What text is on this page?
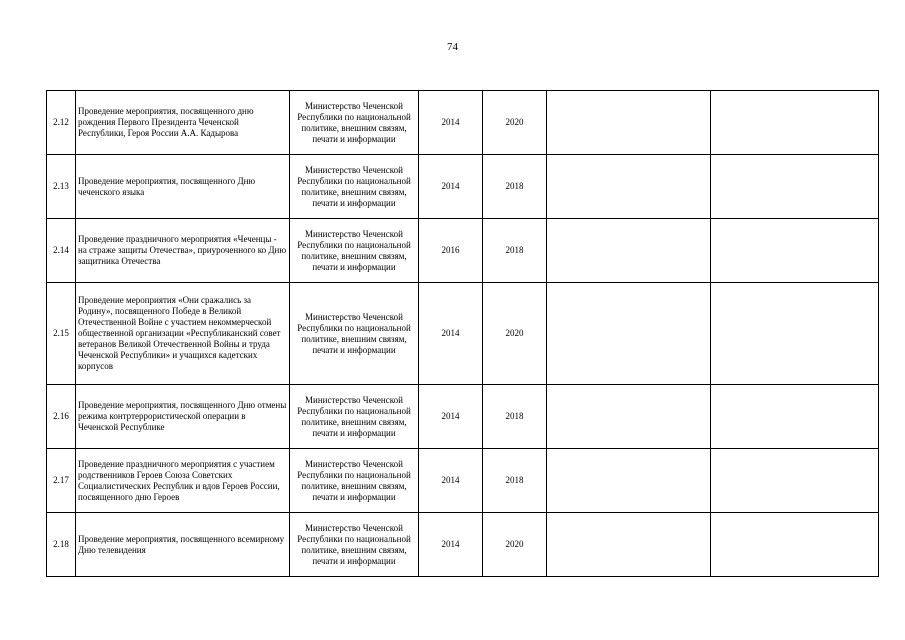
74
2.12	Проведение мероприятия, посвященного дню рождения Первого Президента Чеченской Республики, Героя России А.А. Кадырова	Министерство Чеченской Республики по национальной политике, внешним связям, печати и информации	2014	2020		
2.13	Проведение мероприятия, посвященного Дню чеченского языка	Министерство Чеченской Республики по национальной политике, внешним связям, печати и информации	2014	2018		
2.14	Проведение праздничного мероприятия «Чеченцы - на страже защиты Отечества», приуроченного ко Дню защитника Отечества	Министерство Чеченской Республики по национальной политике, внешним связям, печати и информации	2016	2018		
2.15	Проведение мероприятия «Они сражались за Родину», посвященного Победе в Великой Отечественной Войне с участием некоммерческой общественной организации «Республиканский совет ветеранов Великой Отечественной Войны и труда Чеченской Республики» и учащихся кадетских корпусов	Министерство Чеченской Республики по национальной политике, внешним связям, печати и информации	2014	2020		
2.16	Проведение мероприятия, посвященного Дню отмены режима контртеррористической операции в Чеченской Республике	Министерство Чеченской Республики по национальной политике, внешним связям, печати и информации	2014	2018		
2.17	Проведение праздничного мероприятия с участием родственников Героев Союза Советских Социалистических Республик и вдов Героев России, посвященного дню Героев	Министерство Чеченской Республики по национальной политике, внешним связям, печати и информации	2014	2018		
2.18	Проведение мероприятия, посвященного всемирному Дню телевидения	Министерство Чеченской Республики по национальной политике, внешним связям, печати и информации	2014	2020		
